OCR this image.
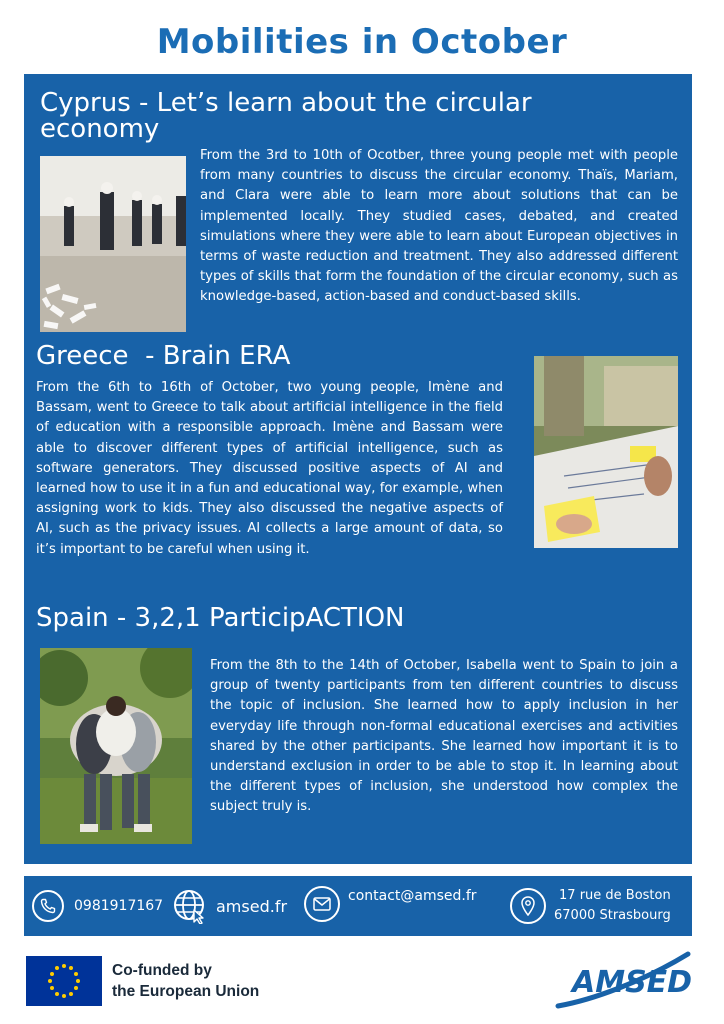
Mobilities in October
Cyprus - Let’s learn about the circular
economy
From the 3rd to 10th of Ocotber, three young people met with people from many countries to discuss the circular economy. Thaïs, Mariam, and Clara were able to learn more about solutions that can be implemented locally. They studied cases, debated, and created simulations where they were able to learn about European objectives in terms of waste reduction and treatment. They also addressed different types of skills that form the foundation of the circular economy, such as knowledge-based, action-based and conduct-based skills.
Greece  - Brain ERA
From the 6th to 16th of October, two young people, Imène and Bassam, went to Greece to talk about artificial intelligence in the field of education with a responsible approach. Imène and Bassam were able to discover different types of artificial intelligence, such as software generators. They discussed positive aspects of AI and learned how to use it in a fun and educational way, for example, when assigning work to kids. They also discussed the negative aspects of AI, such as the privacy issues. AI collects a large amount of data, so it’s important to be careful when using it.
Spain - 3,2,1 ParticipACTION
From the 8th to the 14th of October, Isabella went to Spain to join a group of twenty participants from ten different countries to discuss the topic of inclusion. She learned how to apply inclusion in her everyday life through non-formal educational exercises and activities shared by the other participants. She learned how important it is to understand exclusion in order to be able to stop it. In learning about the different types of inclusion, she understood how complex the subject truly is.
0981917167	amsed.fr
contact@amsed.fr	17 rue de Boston
67000 Strasbourg
Co-funded by
the European Union	AMSED
